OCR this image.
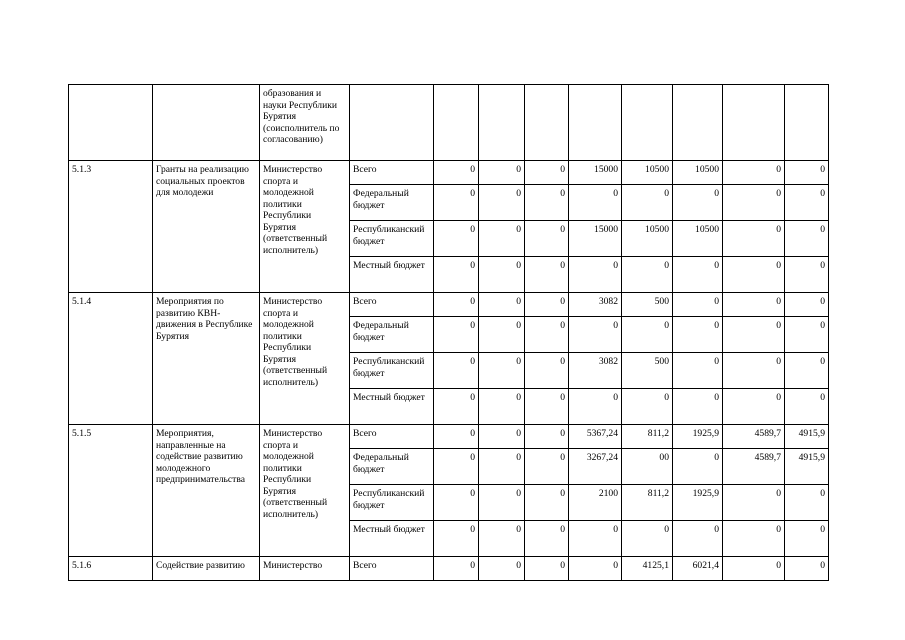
		образования и науки Республики Бурятия (соисполнитель по согласованию)									
5.1.3	Гранты на реализацию социальных проектов для молодежи	Министерство спорта и молодежной политики Республики Бурятия (ответственный исполнитель)	Всего	0	0	0	15000	10500	10500	0	0
			Федеральный бюджет	0	0	0	0	0	0	0	0
			Республиканский бюджет	0	0	0	15000	10500	10500	0	0
			Местный бюджет	0	0	0	0	0	0	0	0
5.1.4	Мероприятия по развитию КВН-движения в Республике Бурятия	Министерство спорта и молодежной политики Республики Бурятия (ответственный исполнитель)	Всего	0	0	0	3082	500	0	0	0
			Федеральный бюджет	0	0	0	0	0	0	0	0
			Республиканский бюджет	0	0	0	3082	500	0	0	0
			Местный бюджет	0	0	0	0	0	0	0	0
5.1.5	Мероприятия, направленные на содействие развитию молодежного предпринимательства	Министерство спорта и молодежной политики Республики Бурятия (ответственный исполнитель)	Всего	0	0	0	5367,24	811,2	1925,9	4589,7	4915,9
			Федеральный бюджет	0	0	0	3267,24	00	0	4589,7	4915,9
			Республиканский бюджет	0	0	0	2100	811,2	1925,9	0	0
			Местный бюджет	0	0	0	0	0	0	0	0
5.1.6	Содействие развитию	Министерство	Всего	0	0	0	0	4125,1	6021,4	0	0
